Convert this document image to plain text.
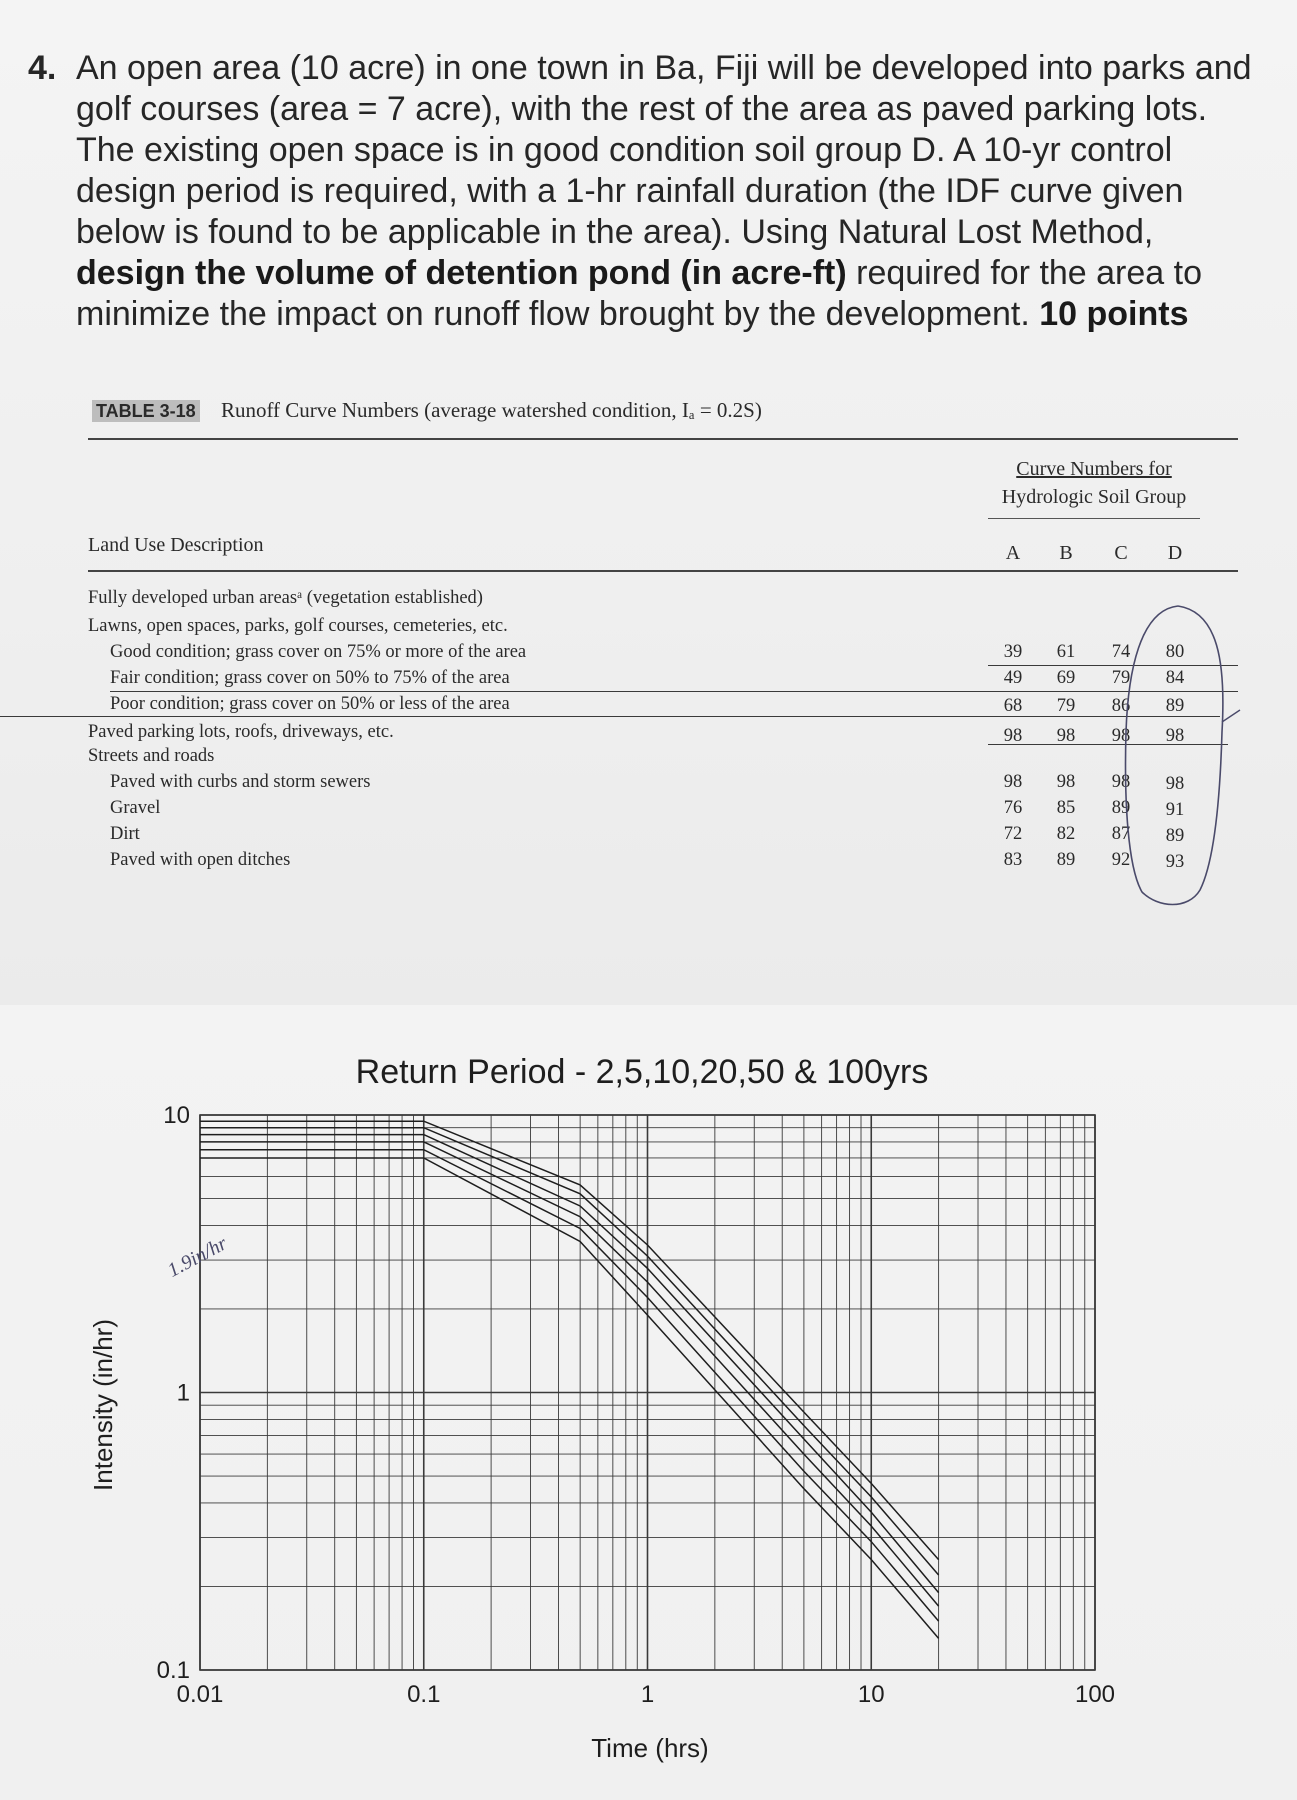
4. An open area (10 acre) in one town in Ba, Fiji will be developed into parks and golf courses (area = 7 acre), with the rest of the area as paved parking lots. The existing open space is in good condition soil group D. A 10-yr control design period is required, with a 1-hr rainfall duration (the IDF curve given below is found to be applicable in the area). Using Natural Lost Method, design the volume of detention pond (in acre-ft) required for the area to minimize the impact on runoff flow brought by the development. 10 points
TABLE 3-18 Runoff Curve Numbers (average watershed condition, Iₐ = 0.2S)
Curve Numbers for
Hydrologic Soil Group
Land Use Description	A	B	C	D
Fully developed urban areasᵃ (vegetation established)
Lawns, open spaces, parks, golf courses, cemeteries, etc.
Good condition; grass cover on 75% or more of the area	39	61	74	80
Fair condition; grass cover on 50% to 75% of the area	49	69	79	84
Poor condition; grass cover on 50% or less of the area	68	79	86	89
Paved parking lots, roofs, driveways, etc.	98	98	98	98
Streets and roads
Paved with curbs and storm sewers	98	98	98	98
Gravel	76	85	89	91
Dirt	72	82	87	89
Paved with open ditches	83	89	92	93
Return Period - 2,5,10,20,50 & 100yrs
Intensity (in/hr)
Time (hrs)
0.01	0.1	1	10	100
0.1
1
10
1.9in/hr
